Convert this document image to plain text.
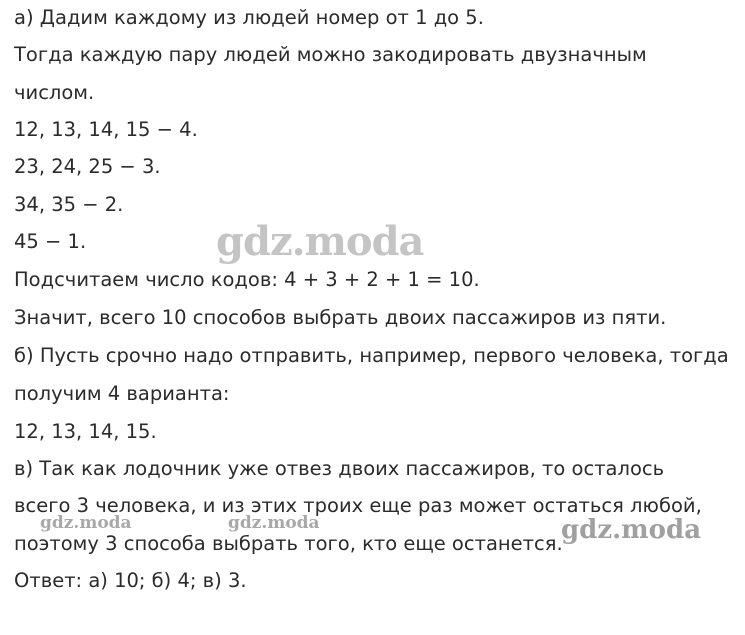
а) Дадим каждому из людей номер от 1 до 5.
Тогда каждую пару людей можно закодировать двузначным
числом.
12, 13, 14, 15 − 4.
23, 24, 25 − 3.
34, 35 − 2.
45 − 1.
Подсчитаем число кодов: 4 + 3 + 2 + 1 = 10.
Значит, всего 10 способов выбрать двоих пассажиров из пяти.
б) Пусть срочно надо отправить, например, первого человека, тогда
получим 4 варианта:
12, 13, 14, 15.
в) Так как лодочник уже отвез двоих пассажиров, то осталось
всего 3 человека, и из этих троих еще раз может остаться любой,
поэтому 3 способа выбрать того, кто еще останется.
Ответ: а) 10; б) 4; в) 3.
gdz.moda
gdz.moda	gdz.moda	gdz.moda
